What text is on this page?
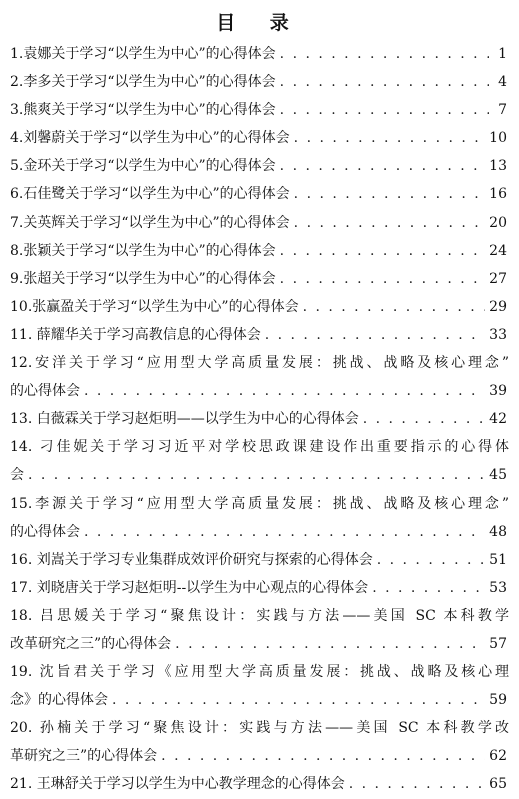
目 录
1.袁娜关于学习“以学生为中心”的心得体会 . . .	1
2.李多关于学习“以学生为中心”的心得体会 . . .	4
3.熊爽关于学习“以学生为中心”的心得体会 . . .	7
4.刘馨蔚关于学习“以学生为中心”的心得体会 . . .	10
5.金环关于学习“以学生为中心”的心得体会 . . .	13
6.石佳鹭关于学习“以学生为中心”的心得体会 . . .	16
7.关英辉关于学习“以学生为中心”的心得体会 . . .	20
8.张颖关于学习“以学生为中心”的心得体会 . . .	24
9.张超关于学习“以学生为中心”的心得体会 . . .	27
10.张赢盈关于学习“以学生为中心”的心得体会 . . .	29
11. 薛耀华关于学习高教信息的心得体会 . . .	33
12.安洋关于学习“应用型大学高质量发展：挑战、战略及核心理念”
的心得体会 . . .	39
13. 白薇霖关于学习赵炬明——以学生为中心的心得体会 . . .	42
14. 刁佳妮关于学习习近平对学校思政课建设作出重要指示的心得体
会 . . .	45
15.李源关于学习“应用型大学高质量发展：挑战、战略及核心理念”
的心得体会 . . .	48
16. 刘嵩关于学习专业集群成效评价研究与探索的心得体会 . . .	51
17. 刘晓唐关于学习赵炬明--以学生为中心观点的心得体会 . . .	53
18. 吕思媛关于学习“聚焦设计：实践与方法——美国 SC 本科教学
改革研究之三”的心得体会 . . .	57
19. 沈旨君关于学习《应用型大学高质量发展：挑战、战略及核心理
念》的心得体会 . . .	59
20. 孙楠关于学习“聚焦设计：实践与方法——美国 SC 本科教学改
革研究之三”的心得体会 . . .	62
21. 王琳舒关于学习以学生为中心教学理念的心得体会 . . .	65
